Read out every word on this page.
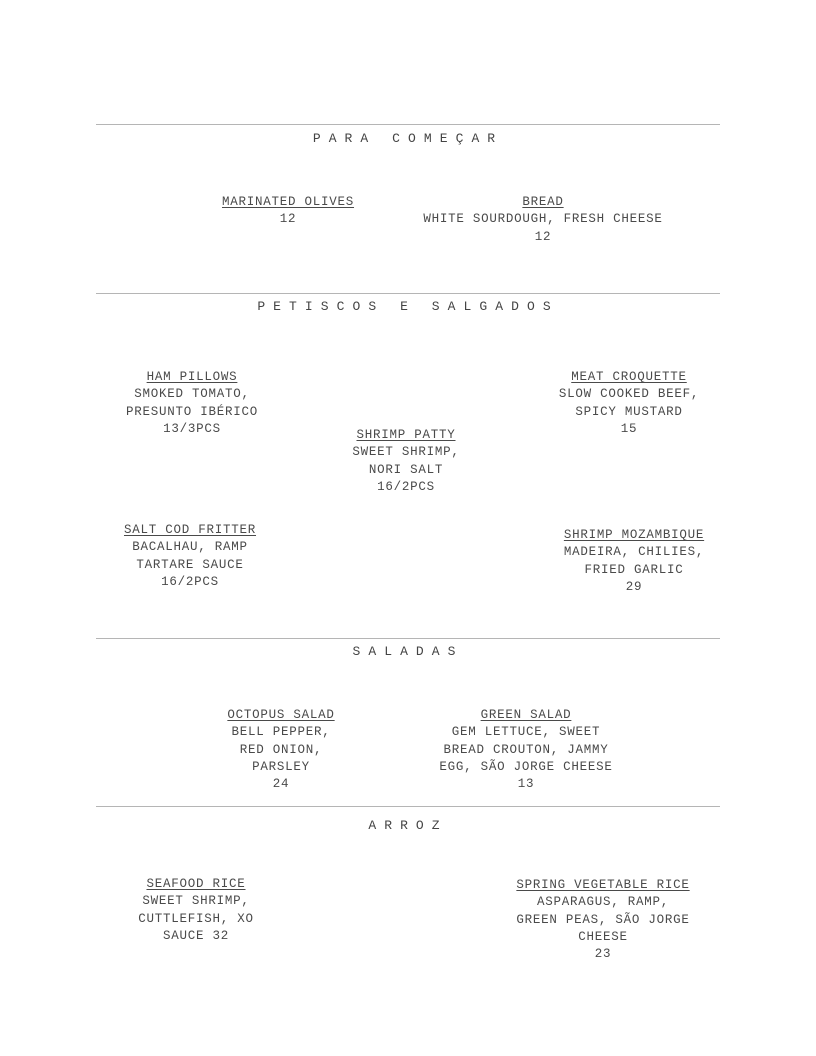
PARA COMEÇAR
MARINATED OLIVES
12
BREAD
WHITE SOURDOUGH, FRESH CHEESE
12
PETISCOS E SALGADOS
HAM PILLOWS
SMOKED TOMATO,
PRESUNTO IBÉRICO
13/3PCS
MEAT CROQUETTE
SLOW COOKED BEEF,
SPICY MUSTARD
15
SHRIMP PATTY
SWEET SHRIMP,
NORI SALT
16/2PCS
SALT COD FRITTER
BACALHAU, RAMP
TARTARE SAUCE
16/2PCS
SHRIMP MOZAMBIQUE
MADEIRA, CHILIES,
FRIED GARLIC
29
SALADAS
OCTOPUS SALAD
BELL PEPPER,
RED ONION,
PARSLEY
24
GREEN SALAD
GEM LETTUCE, SWEET
BREAD CROUTON, JAMMY
EGG, SÃO JORGE CHEESE
13
ARROZ
SEAFOOD RICE
SWEET SHRIMP,
CUTTLEFISH, XO
SAUCE 32
SPRING VEGETABLE RICE
ASPARAGUS, RAMP,
GREEN PEAS, SÃO JORGE
CHEESE
23
